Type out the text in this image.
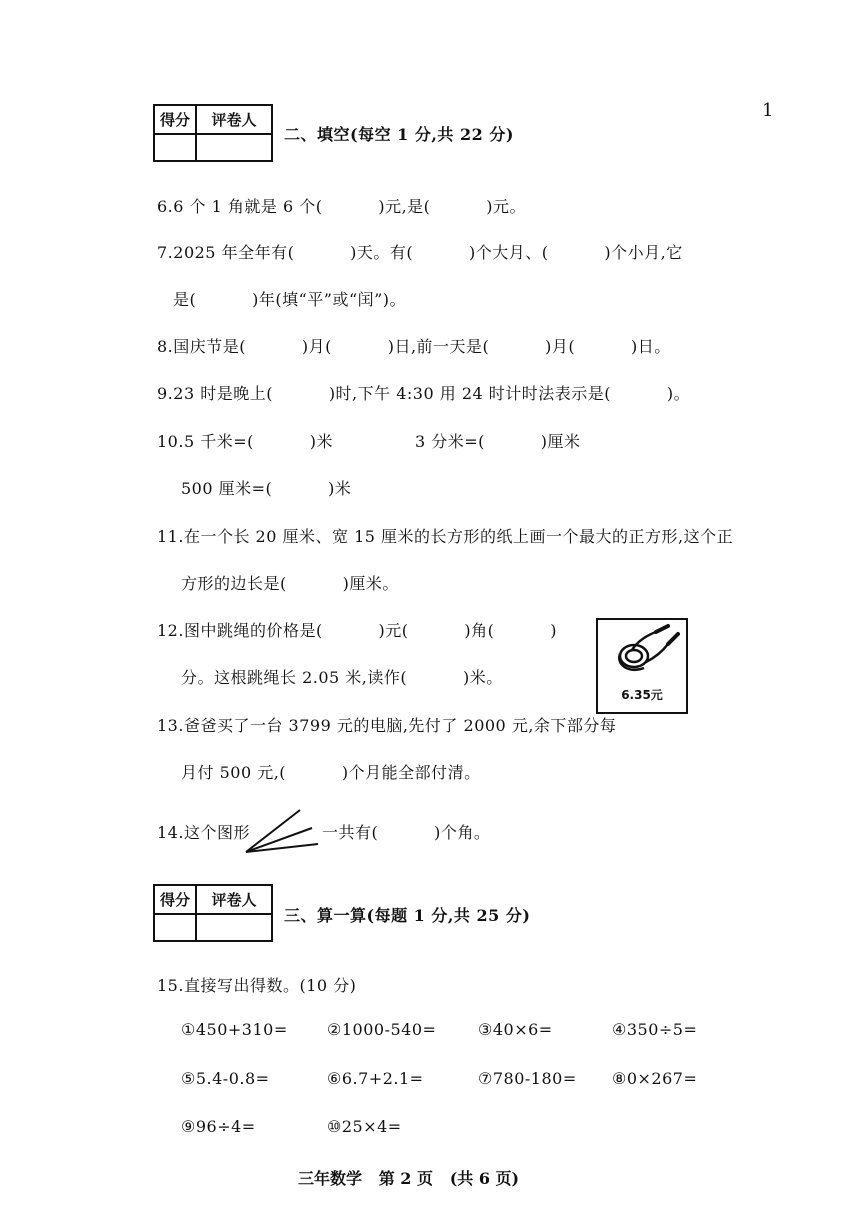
1
得分	评卷人

二、填空(每空 1 分,共 22 分)
6.6 个 1 角就是 6 个(          )元,是(          )元。
7.2025 年全年有(          )天。有(          )个大月、(          )个小月,它
是(          )年(填“平”或“闰”)。
8.国庆节是(          )月(          )日,前一天是(          )月(          )日。
9.23 时是晚上(          )时,下午 4:30 用 24 时计时法表示是(          )。
10.5 千米=(          )米	3 分米=(          )厘米
500 厘米=(          )米
11.在一个长 20 厘米、宽 15 厘米的长方形的纸上画一个最大的正方形,这个正
方形的边长是(          )厘米。
12.图中跳绳的价格是(          )元(          )角(          )
分。这根跳绳长 2.05 米,读作(          )米。
6.35元
13.爸爸买了一台 3799 元的电脑,先付了 2000 元,余下部分每
月付 500 元,(          )个月能全部付清。
14.这个图形	一共有(          )个角。
得分	评卷人

三、算一算(每题 1 分,共 25 分)
15.直接写出得数。(10 分)
①450+310= ②1000-540=	③40×6=	④350÷5=
⑤5.4-0.8=	⑥6.7+2.1=	⑦780-180= ⑧0×267=
⑨96÷4=	⑩25×4=
三年数学   第 2 页   (共 6 页)
